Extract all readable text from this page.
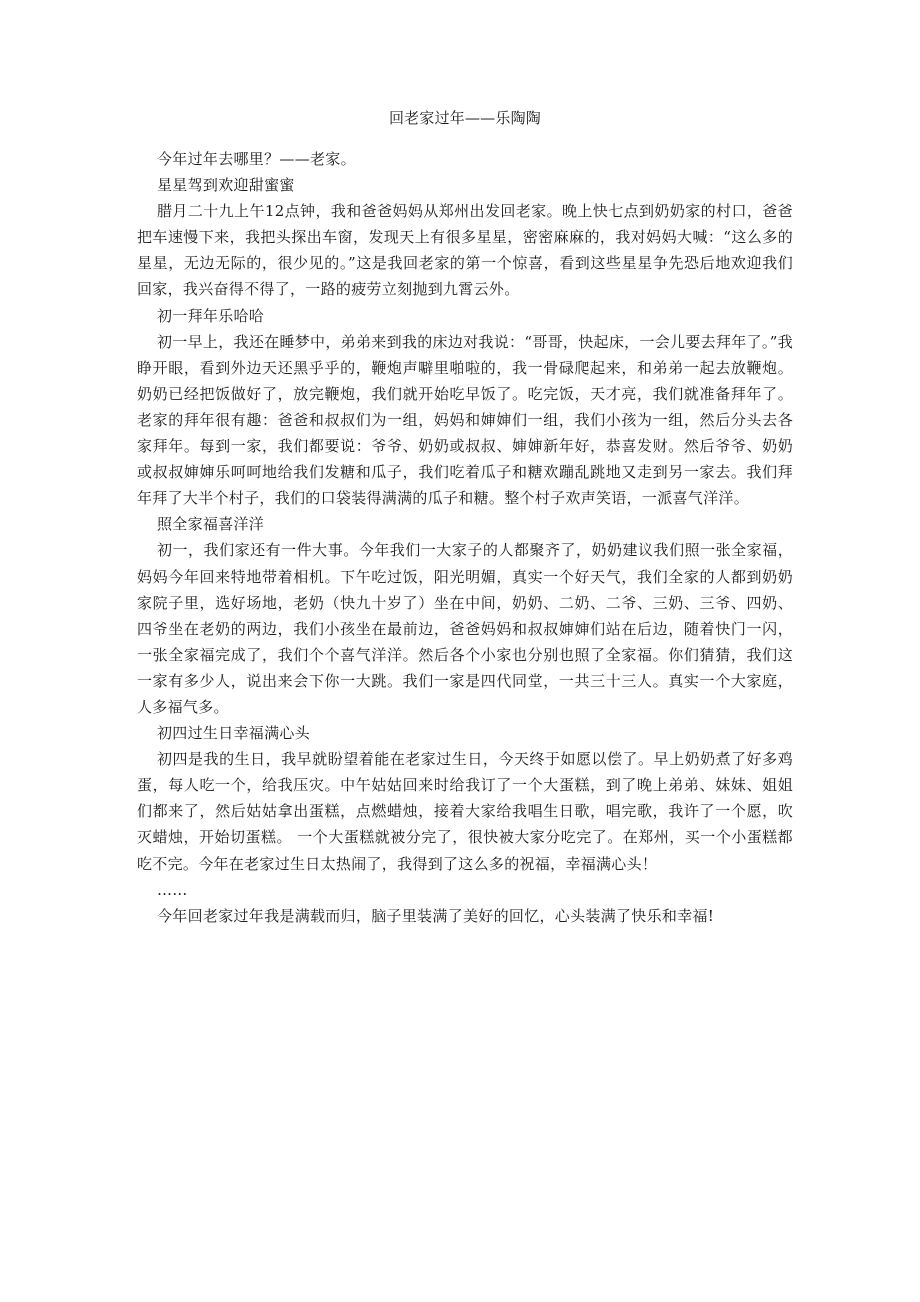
回老家过年——乐陶陶

今年过年去哪里？——老家。

星星驾到欢迎甜蜜蜜

腊月二十九上午12点钟，我和爸爸妈妈从郑州出发回老家。晚上快七点到奶奶家的村口，爸爸把车速慢下来，我把头探出车窗，发现天上有很多星星，密密麻麻的，我对妈妈大喊：“这么多的星星，无边无际的，很少见的。”这是我回老家的第一个惊喜，看到这些星星争先恐后地欢迎我们回家，我兴奋得不得了，一路的疲劳立刻抛到九霄云外。

初一拜年乐哈哈

初一早上，我还在睡梦中，弟弟来到我的床边对我说：“哥哥，快起床，一会儿要去拜年了。”我睁开眼，看到外边天还黑乎乎的，鞭炮声噼里啪啦的，我一骨碌爬起来，和弟弟一起去放鞭炮。奶奶已经把饭做好了，放完鞭炮，我们就开始吃早饭了。吃完饭，天才亮，我们就准备拜年了。老家的拜年很有趣：爸爸和叔叔们为一组，妈妈和婶婶们一组，我们小孩为一组，然后分头去各家拜年。每到一家，我们都要说：爷爷、奶奶或叔叔、婶婶新年好，恭喜发财。然后爷爷、奶奶或叔叔婶婶乐呵呵地给我们发糖和瓜子，我们吃着瓜子和糖欢蹦乱跳地又走到另一家去。我们拜年拜了大半个村子，我们的口袋装得满满的瓜子和糖。整个村子欢声笑语，一派喜气洋洋。

照全家福喜洋洋

初一，我们家还有一件大事。今年我们一大家子的人都聚齐了，奶奶建议我们照一张全家福，妈妈今年回来特地带着相机。下午吃过饭，阳光明媚，真实一个好天气，我们全家的人都到奶奶家院子里，选好场地，老奶（快九十岁了）坐在中间，奶奶、二奶、二爷、三奶、三爷、四奶、四爷坐在老奶的两边，我们小孩坐在最前边，爸爸妈妈和叔叔婶婶们站在后边，随着快门一闪，一张全家福完成了，我们个个喜气洋洋。然后各个小家也分别也照了全家福。你们猜猜，我们这一家有多少人，说出来会下你一大跳。我们一家是四代同堂，一共三十三人。真实一个大家庭，人多福气多。

初四过生日幸福满心头

初四是我的生日，我早就盼望着能在老家过生日，今天终于如愿以偿了。早上奶奶煮了好多鸡蛋，每人吃一个，给我压灾。中午姑姑回来时给我订了一个大蛋糕，到了晚上弟弟、妹妹、姐姐们都来了，然后姑姑拿出蛋糕，点燃蜡烛，接着大家给我唱生日歌，唱完歌，我许了一个愿，吹灭蜡烛，开始切蛋糕。 一个大蛋糕就被分完了，很快被大家分吃完了。在郑州，买一个小蛋糕都吃不完。今年在老家过生日太热闹了，我得到了这么多的祝福，幸福满心头！

……

今年回老家过年我是满载而归，脑子里装满了美好的回忆，心头装满了快乐和幸福!
